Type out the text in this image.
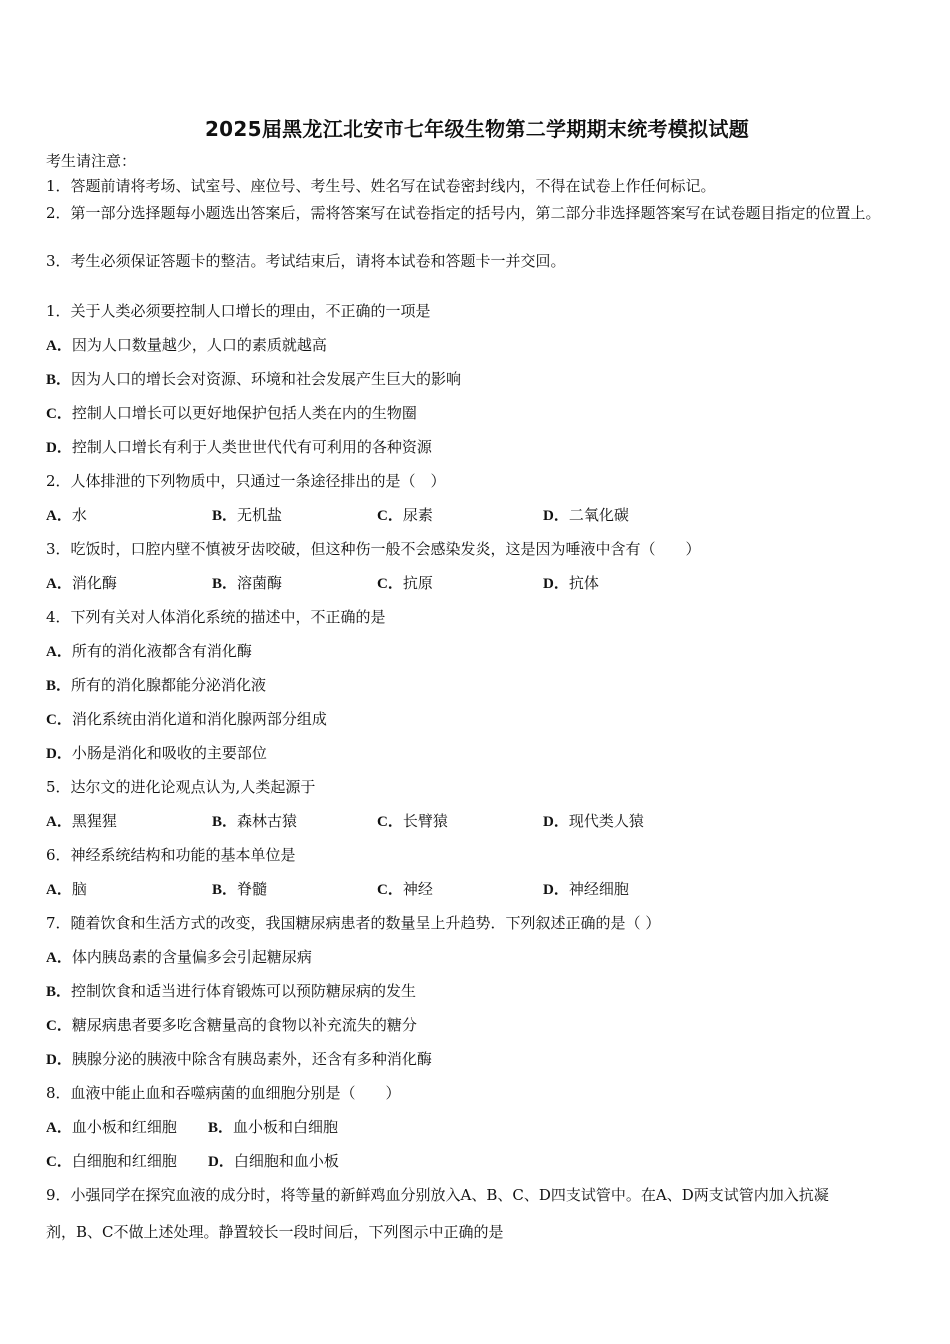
2025届黑龙江北安市七年级生物第二学期期末统考模拟试题
考生请注意：
1．答题前请将考场、试室号、座位号、考生号、姓名写在试卷密封线内，不得在试卷上作任何标记。
2．第一部分选择题每小题选出答案后，需将答案写在试卷指定的括号内，第二部分非选择题答案写在试卷题目指定的位置上。
3．考生必须保证答题卡的整洁。考试结束后，请将本试卷和答题卡一并交回。
1．关于人类必须要控制人口增长的理由，不正确的一项是
A．因为人口数量越少，人口的素质就越高
B．因为人口的增长会对资源、环境和社会发展产生巨大的影响
C．控制人口增长可以更好地保护包括人类在内的生物圈
D．控制人口增长有利于人类世世代代有可利用的各种资源
2．人体排泄的下列物质中，只通过一条途径排出的是（　）
A．水	B．无机盐	C．尿素	D．二氧化碳
3．吃饭时，口腔内壁不慎被牙齿咬破，但这种伤一般不会感染发炎，这是因为唾液中含有（　　）
A．消化酶	B．溶菌酶	C．抗原	D．抗体
4．下列有关对人体消化系统的描述中，不正确的是
A．所有的消化液都含有消化酶
B．所有的消化腺都能分泌消化液
C．消化系统由消化道和消化腺两部分组成
D．小肠是消化和吸收的主要部位
5．达尔文的进化论观点认为,人类起源于
A．黑猩猩	B．森林古猿	C．长臂猿	D．现代类人猿
6．神经系统结构和功能的基本单位是
A．脑	B．脊髓	C．神经	D．神经细胞
7．随着饮食和生活方式的改变，我国糖尿病患者的数量呈上升趋势．下列叙述正确的是（ ）
A．体内胰岛素的含量偏多会引起糖尿病
B．控制饮食和适当进行体育锻炼可以预防糖尿病的发生
C．糖尿病患者要多吃含糖量高的食物以补充流失的糖分
D．胰腺分泌的胰液中除含有胰岛素外，还含有多种消化酶
8．血液中能止血和吞噬病菌的血细胞分别是（　　）
A．血小板和红细胞 B．血小板和白细胞
C．白细胞和红细胞 D．白细胞和血小板
9．小强同学在探究血液的成分时，将等量的新鲜鸡血分别放入A、B、C、D四支试管中。在A、D两支试管内加入抗凝
剂，B、C不做上述处理。静置较长一段时间后，下列图示中正确的是
